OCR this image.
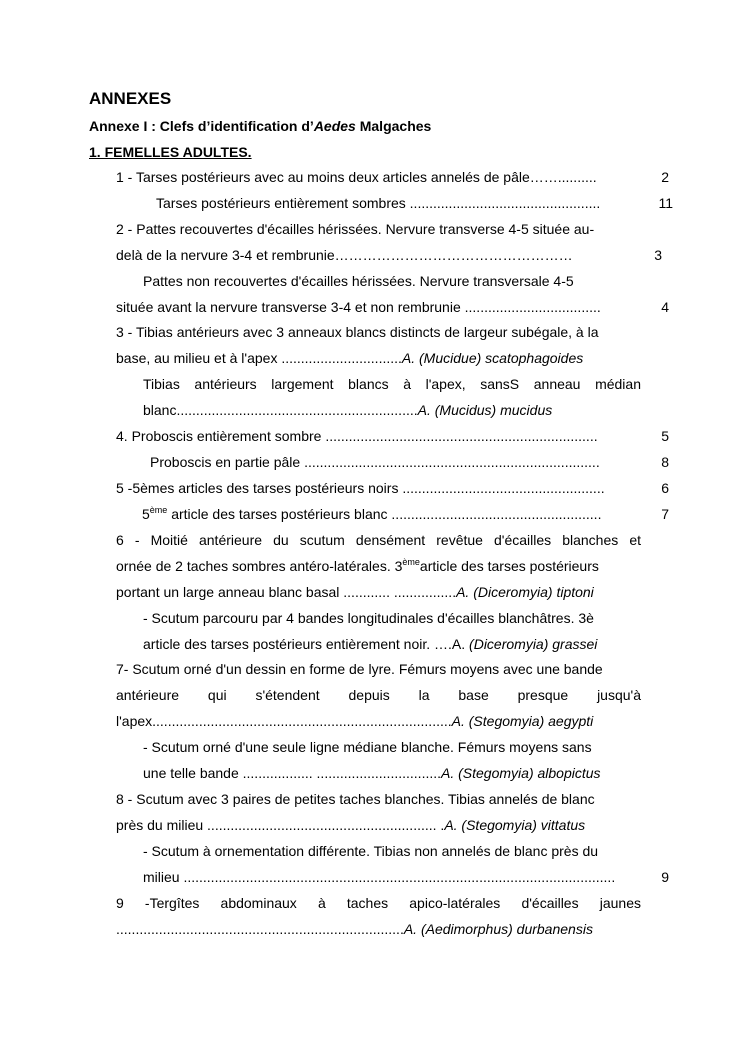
ANNEXES
Annexe I : Clefs d’identification d’Aedes Malgaches
1. FEMELLES ADULTES.
1 - Tarses postérieurs avec au moins deux articles annelés de pâle……..........	2
Tarses postérieurs entièrement sombres .................................................	11
2 - Pattes recouvertes d'écailles hérissées. Nervure transverse 4-5 située au-
delà de la nervure 3-4 et rembrunie……………………………………………	3
Pattes non recouvertes d'écailles hérissées. Nervure transversale 4-5
située avant la nervure transverse 3-4 et non rembrunie ...................................	4
3 - Tibias antérieurs avec 3 anneaux blancs distincts de largeur subégale, à la
base, au milieu et à l'apex ...............................A. (Mucidue) scatophagoides
Tibias antérieurs largement blancs à l'apex, sansS anneau médian
blanc..............................................................A. (Mucidus) mucidus
4. Proboscis entièrement sombre ......................................................................	5
Proboscis en partie pâle ............................................................................	8
5 -5èmes articles des tarses postérieurs noirs ....................................................	6
5ème article des tarses postérieurs blanc ......................................................	7
6 - Moitié antérieure du scutum densément revêtue d'écailles blanches et
ornée de 2 taches sombres antéro-latérales. 3èmearticle des tarses postérieurs
portant un large anneau blanc basal ............ ................A. (Diceromyia) tiptoni
- Scutum parcouru par 4 bandes longitudinales d'écailles blanchâtres. 3è
article des tarses postérieurs entièrement noir. ….A. (Diceromyia) grassei
7- Scutum orné d'un dessin en forme de lyre. Fémurs moyens avec une bande
antérieure qui s'étendent depuis la base presque jusqu'à
l'apex.............................................................................A. (Stegomyia) aegypti
- Scutum orné d'une seule ligne médiane blanche. Fémurs moyens sans
une telle bande .................. ................................A. (Stegomyia) albopictus
8 - Scutum avec 3 paires de petites taches blanches. Tibias annelés de blanc
près du milieu ........................................................... .A. (Stegomyia) vittatus
- Scutum à ornementation différente. Tibias non annelés de blanc près du
milieu ...............................................................................................................	9
9 -Tergîtes abdominaux à taches apico-latérales d'écailles jaunes
..........................................................................A. (Aedimorphus) durbanensis
